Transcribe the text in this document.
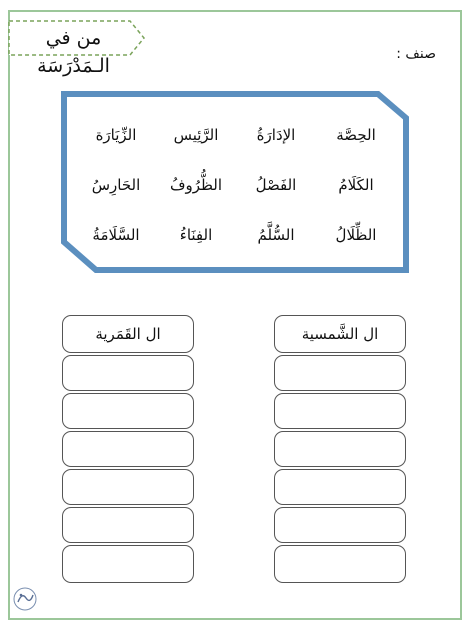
من في الـمَدْرَسَة
صنف :
الحِصَّة
الإدَارَةُ
الرَّئِيس
الزِّيَارَة
الكَلَامُ
الفَصْلُ
الظُّرُوفُ
الحَارِسُ
الظِّلَالُ
السُّلَّمُ
الفِنَاءُ
السَّلَامَةُ
ال القَمَرية	ال الشَّمسية
